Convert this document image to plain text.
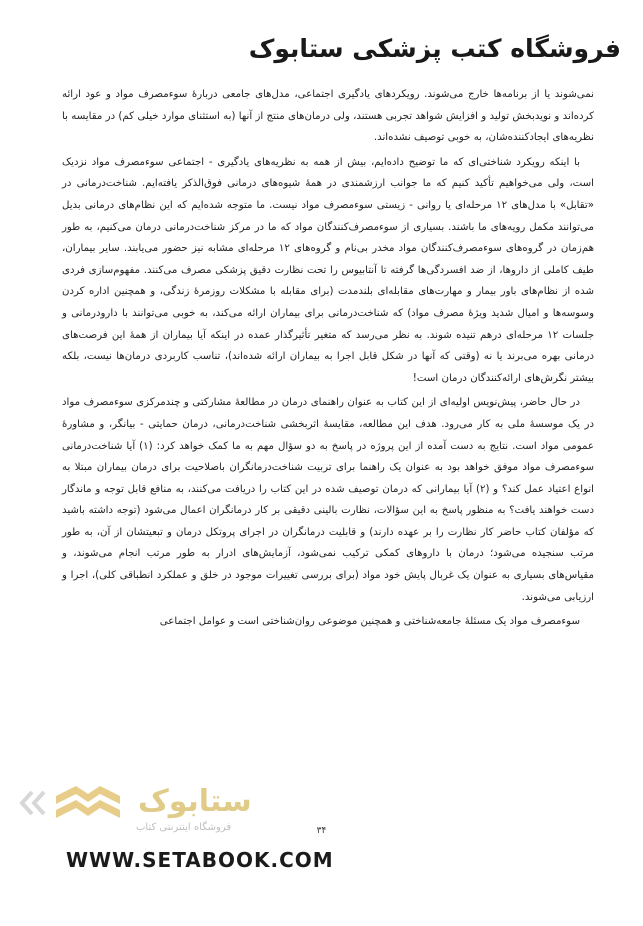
فروشگاه کتب پزشکی ستابوک

نمی‌شوند یا از برنامه‌ها خارج می‌شوند. رویکردهای یادگیری اجتماعی، مدل‌های جامعی دربارهٔ سوءمصرف مواد و عود ارائه کرده‌اند و نویدبخش تولید و افزایش شواهد تجربی هستند، ولی درمان‌های منتج از آنها (به استثنای موارد خیلی کم) در مقایسه با نظریه‌های ایجادکننده‌شان، به خوبی توصیف نشده‌اند.

با اینکه رویکرد شناختی‌ای که ما توضیح داده‌ایم، بیش از همه به نظریه‌های یادگیری - اجتماعی سوءمصرف مواد نزدیک است، ولی می‌خواهیم تأکید کنیم که ما جوانب ارزشمندی در همهٔ شیوه‌های درمانی فوق‌الذکر یافته‌ایم. شناخت‌درمانی در «تقابل» با مدل‌های ۱۲ مرحله‌ای یا روانی - زیستی سوءمصرف مواد نیست. ما متوجه شده‌ایم که این نظام‌های درمانی بدیل می‌توانند مکمل رویه‌های ما باشند. بسیاری از سوءمصرف‌کنندگان مواد که ما در مرکز شناخت‌درمانی درمان می‌کنیم، به طور هم‌زمان در گروه‌های سوءمصرف‌کنندگان مواد مخدر بی‌نام و گروه‌های ۱۲ مرحله‌ای مشابه نیز حضور می‌یابند. سایر بیماران، طیف کاملی از داروها، از ضد افسردگی‌ها گرفته تا آنتابیوس را تحت نظارت دقیق پزشکی مصرف می‌کنند. مفهوم‌سازی فردی شده از نظام‌های باور بیمار و مهارت‌های مقابله‌ای بلندمدت (برای مقابله با مشکلات روزمرهٔ زندگی، و همچنین اداره کردن وسوسه‌ها و امیال شدید ویژهٔ مصرف مواد) که شناخت‌درمانی برای بیماران ارائه می‌کند، به خوبی می‌توانند با دارودرمانی و جلسات ۱۲ مرحله‌ای درهم تنیده شوند. به نظر می‌رسد که متغیر تأثیرگذار عمده در اینکه آیا بیماران از همهٔ این فرصت‌های درمانی بهره می‌برند یا نه (وقتی که آنها در شکل قابل اجرا به بیماران ارائه شده‌اند)، تناسب کاربردی درمان‌ها نیست، بلکه بیشتر نگرش‌های ارائه‌کنندگان درمان است!

در حال حاضر، پیش‌نویس اولیه‌ای از این کتاب به عنوان راهنمای درمان در مطالعهٔ مشارکتی و چندمرکزی سوءمصرف مواد در یک موسسهٔ ملی به کار می‌رود. هدف این مطالعه، مقایسهٔ اثربخشی شناخت‌درمانی، درمان حمایتی - بیانگر، و مشاورهٔ عمومی مواد است. نتایج به دست آمده از این پروژه در پاسخ به دو سؤال مهم به ما کمک خواهد کرد: (۱) آیا شناخت‌درمانی سوءمصرف مواد موفق خواهد بود به عنوان یک راهنما برای تربیت شناخت‌درمانگران باصلاحیت برای درمان بیماران مبتلا به انواع اعتیاد عمل کند؟ و (۲) آیا بیمارانی که درمان توصیف شده در این کتاب را دریافت می‌کنند، به منافع قابل توجه و ماندگار دست خواهند یافت؟ به منظور پاسخ به این سؤالات، نظارت بالینی دقیقی بر کار درمانگران اعمال می‌شود (توجه داشته باشید که مؤلفان کتاب حاضر کار نظارت را بر عهده دارند) و قابلیت درمانگران در اجرای پروتکل درمان و تبعیتشان از آن، به طور مرتب سنجیده می‌شود؛ درمان با داروهای کمکی ترکیب نمی‌شود، آزمایش‌های ادرار به طور مرتب انجام می‌شوند، و مقیاس‌های بسیاری به عنوان یک غربال پایش خود مواد (برای بررسی تغییرات موجود در خلق و عملکرد انطباقی کلی)، اجرا و ارزیابی می‌شوند.

سوءمصرف مواد یک مسئلهٔ جامعه‌شناختی و همچنین موضوعی روان‌شناختی است و عوامل اجتماعی

۳۴
ستابوک
فروشگاه اینترنتی کتاب
WWW.SETABOOK.COM
